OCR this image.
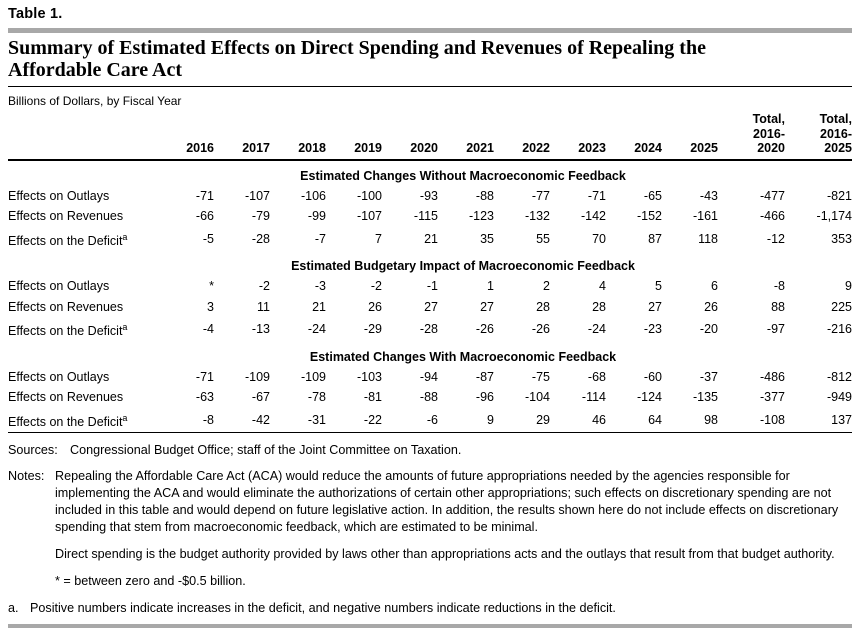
Table 1.
Summary of Estimated Effects on Direct Spending and Revenues of Repealing the Affordable Care Act
Billions of Dollars, by Fiscal Year
	2016	2017	2018	2019	2020	2021	2022	2023	2024	2025	Total,
2016-
2020	Total,
2016-
2025
Estimated Changes Without Macroeconomic Feedback												
Effects on Outlays	-71	-107	-106	-100	-93	-88	-77	-71	-65	-43	-477	-821
Effects on Revenues	-66	-79	-99	-107	-115	-123	-132	-142	-152	-161	-466	-1,174
Effects on the Deficit$^a$	-5	-28	-7	7	21	35	55	70	87	118	-12	353
Estimated Budgetary Impact of Macroeconomic Feedback												
Effects on Outlays	*	-2	-3	-2	-1	1	2	4	5	6	-8	9
Effects on Revenues	3	11	21	26	27	27	28	28	27	26	88	225
Effects on the Deficit$^a$	-4	-13	-24	-29	-28	-26	-26	-24	-23	-20	-97	-216
Estimated Changes With Macroeconomic Feedback												
Effects on Outlays	-71	-109	-109	-103	-94	-87	-75	-68	-60	-37	-486	-812
Effects on Revenues	-63	-67	-78	-81	-88	-96	-104	-114	-124	-135	-377	-949
Effects on the Deficit$^a$	-8	-42	-31	-22	-6	9	29	46	64	98	-108	137
Sources: Congressional Budget Office; staff of the Joint Committee on Taxation.
Notes: Repealing the Affordable Care Act (ACA) would reduce the amounts of future appropriations needed by the agencies responsible for implementing the ACA and would eliminate the authorizations of certain other appropriations; such effects on discretionary spending are not included in this table and would depend on future legislative action. In addition, the results shown here do not include effects on discretionary spending that stem from macroeconomic feedback, which are estimated to be minimal.
Direct spending is the budget authority provided by laws other than appropriations acts and the outlays that result from that budget authority.
* = between zero and -$0.5 billion.
a. Positive numbers indicate increases in the deficit, and negative numbers indicate reductions in the deficit.
